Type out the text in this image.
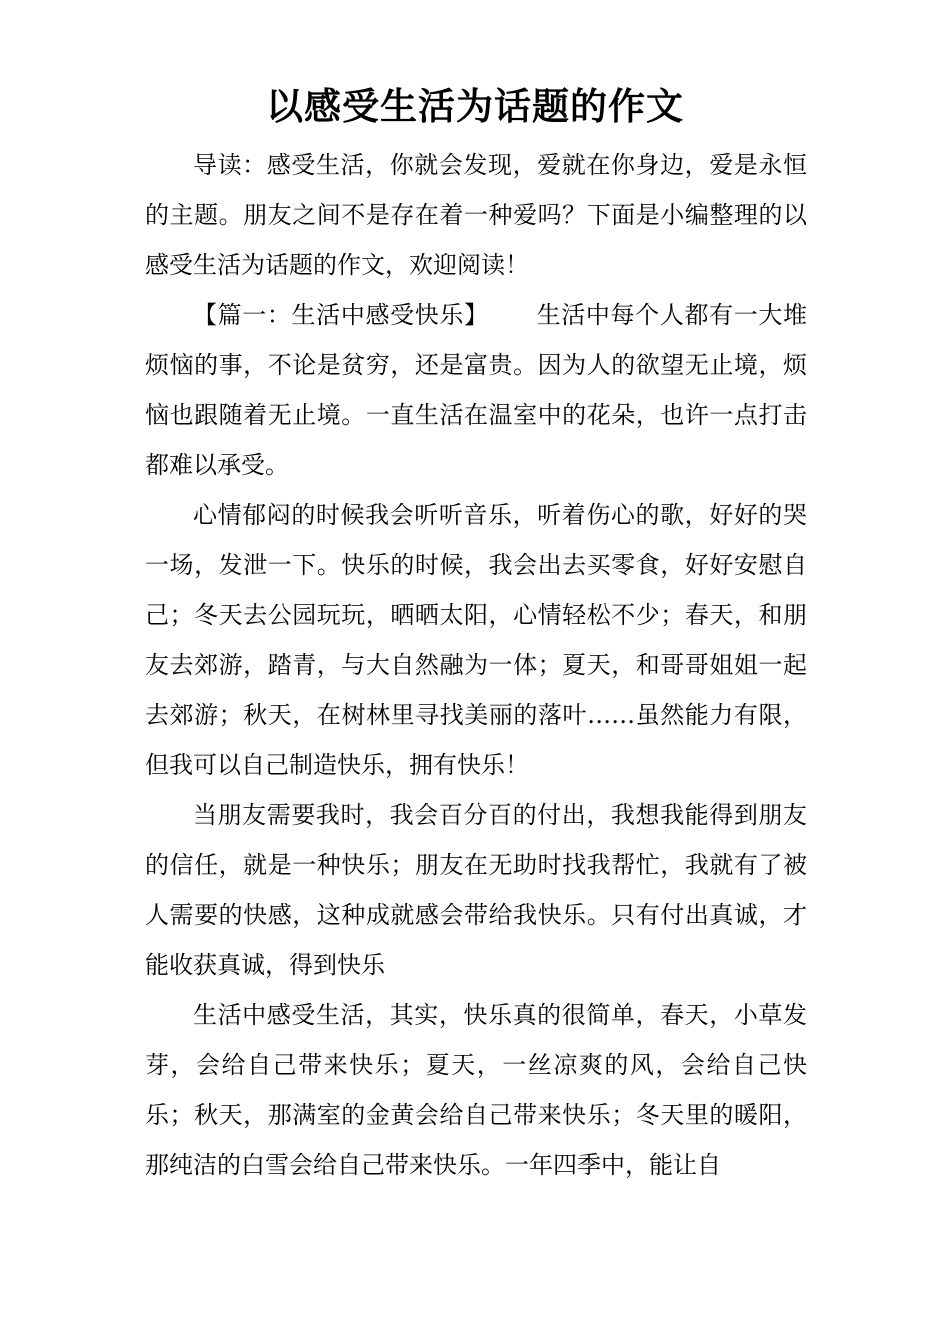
以感受生活为话题的作文

导读：感受生活，你就会发现，爱就在你身边，爱是永恒的主题。朋友之间不是存在着一种爱吗？下面是小编整理的以感受生活为话题的作文，欢迎阅读！

【篇一：生活中感受快乐】 生活中每个人都有一大堆烦恼的事，不论是贫穷，还是富贵。因为人的欲望无止境，烦恼也跟随着无止境。一直生活在温室中的花朵，也许一点打击都难以承受。

心情郁闷的时候我会听听音乐，听着伤心的歌，好好的哭一场，发泄一下。快乐的时候，我会出去买零食，好好安慰自己；冬天去公园玩玩，晒晒太阳，心情轻松不少；春天，和朋友去郊游，踏青，与大自然融为一体；夏天，和哥哥姐姐一起去郊游；秋天，在树林里寻找美丽的落叶……虽然能力有限，但我可以自己制造快乐，拥有快乐！

当朋友需要我时，我会百分百的付出，我想我能得到朋友的信任，就是一种快乐；朋友在无助时找我帮忙，我就有了被人需要的快感，这种成就感会带给我快乐。只有付出真诚，才能收获真诚，得到快乐

生活中感受生活，其实，快乐真的很简单，春天，小草发芽，会给自己带来快乐；夏天，一丝凉爽的风，会给自己快乐；秋天，那满室的金黄会给自己带来快乐；冬天里的暖阳，那纯洁的白雪会给自己带来快乐。一年四季中，能让自
